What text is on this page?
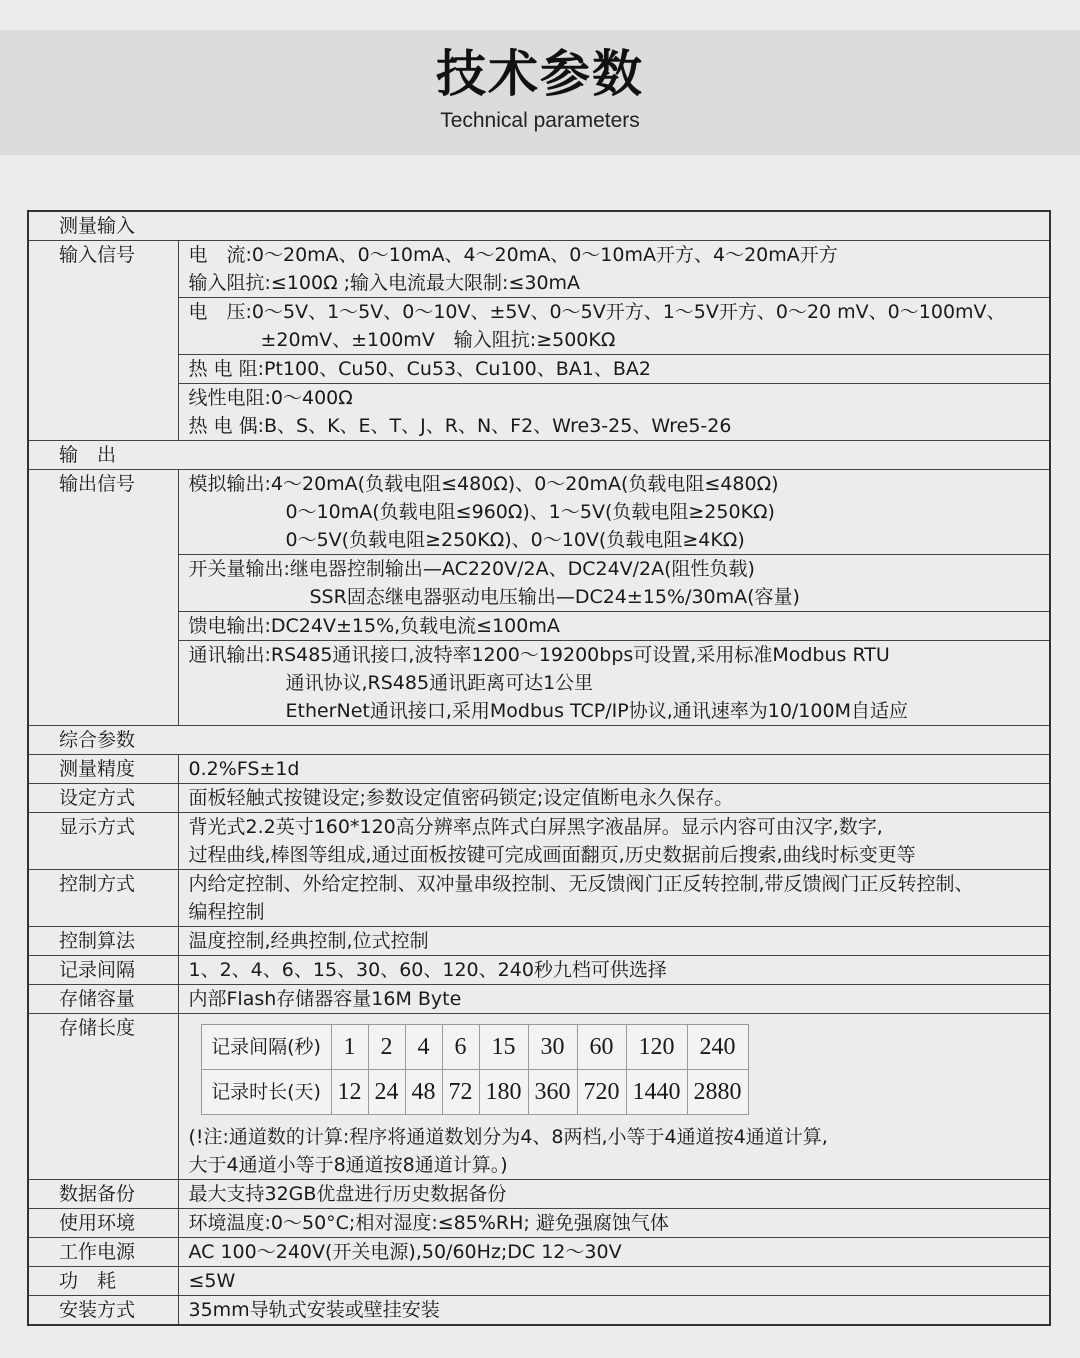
技术参数
Technical parameters
测量输入
输入信号	电　流:0～20mA、0～10mA、4～20mA、0～10mA开方、4～20mA开方
输入阻抗:≤100Ω ;输入电流最大限制:≤30mA

电　压:0～5V、1～5V、0～10V、±5V、0～5V开方、1～5V开方、0～20 mV、0～100mV、
±20mV、±100mV　输入阻抗:≥500KΩ

热 电 阻:Pt100、Cu50、Cu53、Cu100、BA1、BA2

线性电阻:0～400Ω
热 电 偶:B、S、K、E、T、J、R、N、F2、Wre3-25、Wre5-26

输　出
输出信号	模拟输出:4～20mA(负载电阻≤480Ω)、0～20mA(负载电阻≤480Ω)
0～10mA(负载电阻≤960Ω)、1～5V(负载电阻≥250KΩ)
0～5V(负载电阻≥250KΩ)、0～10V(负载电阻≥4KΩ)

开关量输出:继电器控制输出—AC220V/2A、DC24V/2A(阻性负载)
SSR固态继电器驱动电压输出—DC24±15%/30mA(容量)

馈电输出:DC24V±15%,负载电流≤100mA

通讯输出:RS485通讯接口,波特率1200～19200bps可设置,采用标准Modbus RTU
通讯协议,RS485通讯距离可达1公里
EtherNet通讯接口,采用Modbus TCP/IP协议,通讯速率为10/100M自适应

综合参数
测量精度	0.2%FS±1d

设定方式	面板轻触式按键设定;参数设定值密码锁定;设定值断电永久保存。

显示方式	背光式2.2英寸160*120高分辨率点阵式白屏黑字液晶屏。显示内容可由汉字,数字,
过程曲线,棒图等组成,通过面板按键可完成画面翻页,历史数据前后搜索,曲线时标变更等

控制方式	内给定控制、外给定控制、双冲量串级控制、无反馈阀门正反转控制,带反馈阀门正反转控制、
编程控制

控制算法	温度控制,经典控制,位式控制

记录间隔	1、2、4、6、15、30、60、120、240秒九档可供选择

存储容量	内部Flash存储器容量16M Byte

存储长度	
记录间隔(秒)	1	2	4	6	15	30	60	120	240
记录时长(天)	12	24	48	72	180	360	720	1440	2880
(!注:通道数的计算:程序将通道数划分为4、8两档,小等于4通道按4通道计算,
大于4通道小等于8通道按8通道计算。)

数据备份	最大支持32GB优盘进行历史数据备份

使用环境	环境温度:0～50°C;相对湿度:≤85%RH; 避免强腐蚀气体

工作电源	AC 100～240V(开关电源),50/60Hz;DC 12～30V

功　耗	≤5W

安装方式	35mm导轨式安装或壁挂安装
